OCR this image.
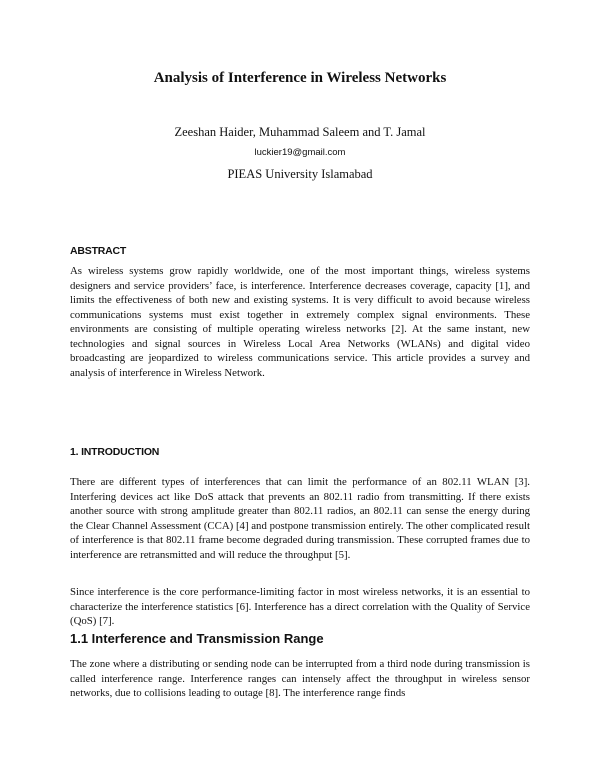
Analysis of Interference in Wireless Networks
Zeeshan Haider, Muhammad Saleem and T. Jamal
luckier19@gmail.com
PIEAS University Islamabad
ABSTRACT

As wireless systems grow rapidly worldwide, one of the most important things, wireless systems designers and service providers’ face, is interference. Interference decreases coverage, capacity [1], and limits the effectiveness of both new and existing systems. It is very difficult to avoid because wireless communications systems must exist together in extremely complex signal environments. These environments are consisting of multiple operating wireless networks [2]. At the same instant, new technologies and signal sources in Wireless Local Area Networks (WLANs) and digital video broadcasting are jeopardized to wireless communications service. This article provides a survey and analysis of interference in Wireless Network.

1. INTRODUCTION

There are different types of interferences that can limit the performance of an 802.11 WLAN [3]. Interfering devices act like DoS attack that prevents an 802.11 radio from transmitting. If there exists another source with strong amplitude greater than 802.11 radios, an 802.11 can sense the energy during the Clear Channel Assessment (CCA) [4] and postpone transmission entirely. The other complicated result of interference is that 802.11 frame become degraded during transmission. These corrupted frames due to interference are retransmitted and will reduce the throughput [5].

Since interference is the core performance-limiting factor in most wireless networks, it is an essential to characterize the interference statistics [6]. Interference has a direct correlation with the Quality of Service (QoS) [7].

1.1 Interference and Transmission Range

The zone where a distributing or sending node can be interrupted from a third node during transmission is called interference range. Interference ranges can intensely affect the throughput in wireless sensor networks, due to collisions leading to outage [8]. The interference range finds
